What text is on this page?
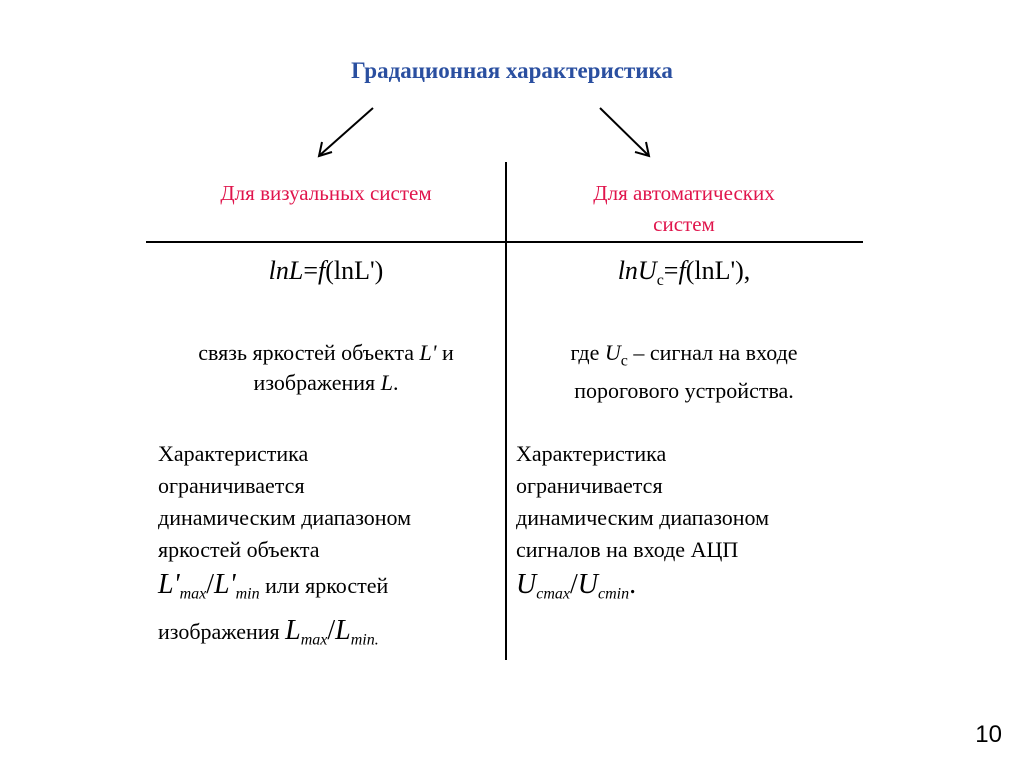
Градационная характеристика
Для визуальных систем	Для автоматических
систем
lnL=f(lnL')	lnU$_c$=f(lnL'),
связь яркостей объекта L' и
изображения L.
где $U_с$ – сигнал на входе
порогового устройства.
Характеристика
ограничивается
динамическим диапазоном
яркостей объекта
$L'_{max}/L'_{min}$ или яркостей
изображения $L_{max}/L_{min.}$
Характеристика
ограничивается
динамическим диапазоном
сигналов на входе АЦП
$U_{cmax}/U_{cmin}$.
10
